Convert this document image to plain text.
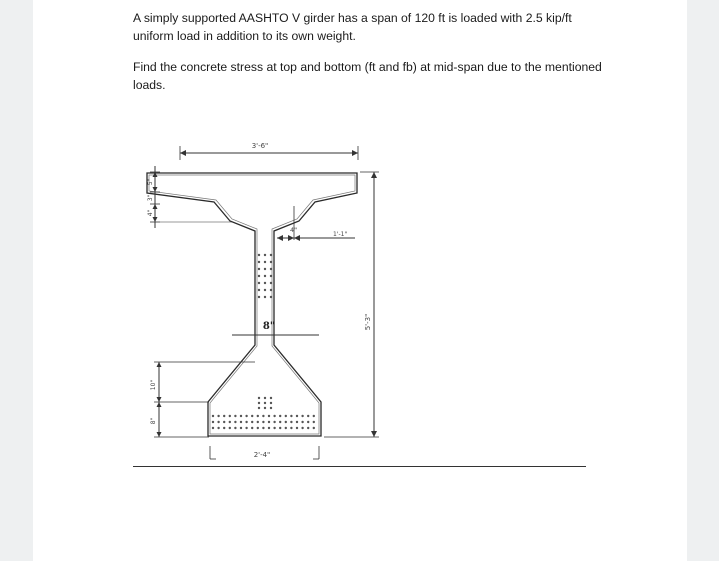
A simply supported AASHTO V girder has a span of 120 ft is loaded with 2.5 kip/ft uniform load in addition to its own weight.

Find the concrete stress at top and bottom (ft and fb) at mid-span due to the mentioned loads.

3'-6"
5'-3"
4"
1'-1"
8"
5"
3"
4"
10"
8"
2'-4"
